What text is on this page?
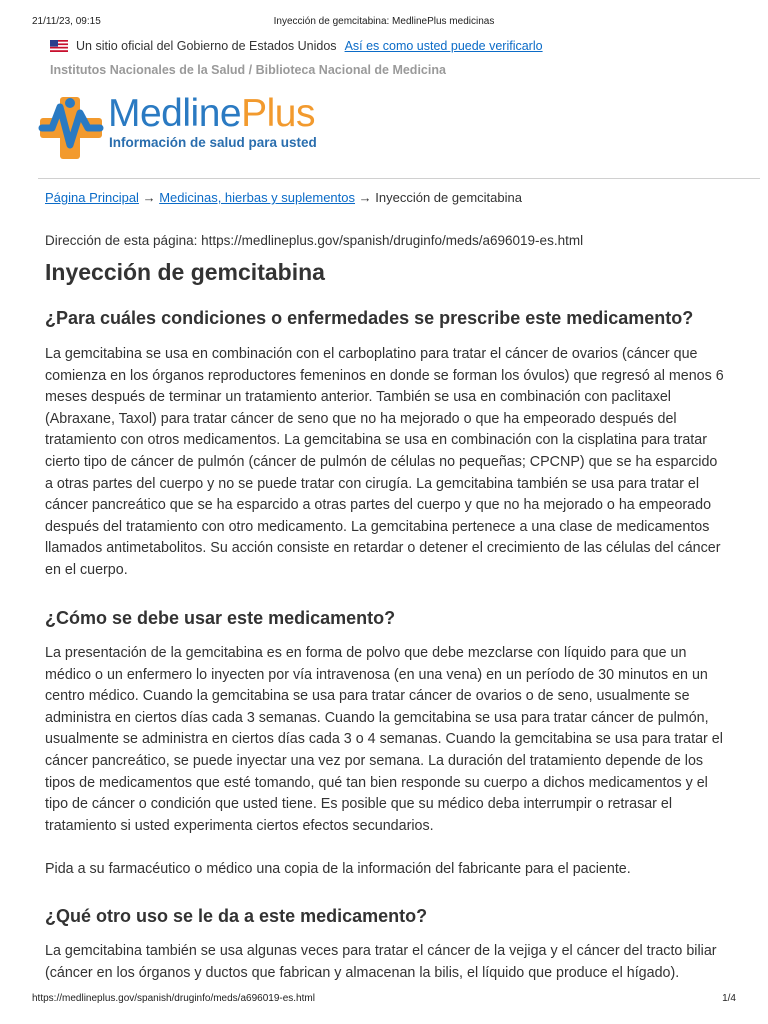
21/11/23, 09:15	Inyección de gemcitabina: MedlinePlus medicinas
Un sitio oficial del Gobierno de Estados Unidos Así es como usted puede verificarlo
Institutos Nacionales de la Salud / Biblioteca Nacional de Medicina
MedlinePlus
Información de salud para usted
Página Principal → Medicinas, hierbas y suplementos → Inyección de gemcitabina
Dirección de esta página: https://medlineplus.gov/spanish/druginfo/meds/a696019-es.html
Inyección de gemcitabina
¿Para cuáles condiciones o enfermedades se prescribe este medicamento?

La gemcitabina se usa en combinación con el carboplatino para tratar el cáncer de ovarios (cáncer que comienza en los órganos reproductores femeninos en donde se forman los óvulos) que regresó al menos 6 meses después de terminar un tratamiento anterior. También se usa en combinación con paclitaxel (Abraxane, Taxol) para tratar cáncer de seno que no ha mejorado o que ha empeorado después del tratamiento con otros medicamentos. La gemcitabina se usa en combinación con la cisplatina para tratar cierto tipo de cáncer de pulmón (cáncer de pulmón de células no pequeñas; CPCNP) que se ha esparcido a otras partes del cuerpo y no se puede tratar con cirugía. La gemcitabina también se usa para tratar el cáncer pancreático que se ha esparcido a otras partes del cuerpo y que no ha mejorado o ha empeorado después del tratamiento con otro medicamento. La gemcitabina pertenece a una clase de medicamentos llamados antimetabolitos. Su acción consiste en retardar o detener el crecimiento de las células del cáncer en el cuerpo.

¿Cómo se debe usar este medicamento?

La presentación de la gemcitabina es en forma de polvo que debe mezclarse con líquido para que un médico o un enfermero lo inyecten por vía intravenosa (en una vena) en un período de 30 minutos en un centro médico. Cuando la gemcitabina se usa para tratar cáncer de ovarios o de seno, usualmente se administra en ciertos días cada 3 semanas. Cuando la gemcitabina se usa para tratar cáncer de pulmón, usualmente se administra en ciertos días cada 3 o 4 semanas. Cuando la gemcitabina se usa para tratar el cáncer pancreático, se puede inyectar una vez por semana. La duración del tratamiento depende de los tipos de medicamentos que esté tomando, qué tan bien responde su cuerpo a dichos medicamentos y el tipo de cáncer o condición que usted tiene. Es posible que su médico deba interrumpir o retrasar el tratamiento si usted experimenta ciertos efectos secundarios.

Pida a su farmacéutico o médico una copia de la información del fabricante para el paciente.

¿Qué otro uso se le da a este medicamento?

La gemcitabina también se usa algunas veces para tratar el cáncer de la vejiga y el cáncer del tracto biliar (cáncer en los órganos y ductos que fabrican y almacenan la bilis, el líquido que produce el hígado).

https://medlineplus.gov/spanish/druginfo/meds/a696019-es.html	1/4
